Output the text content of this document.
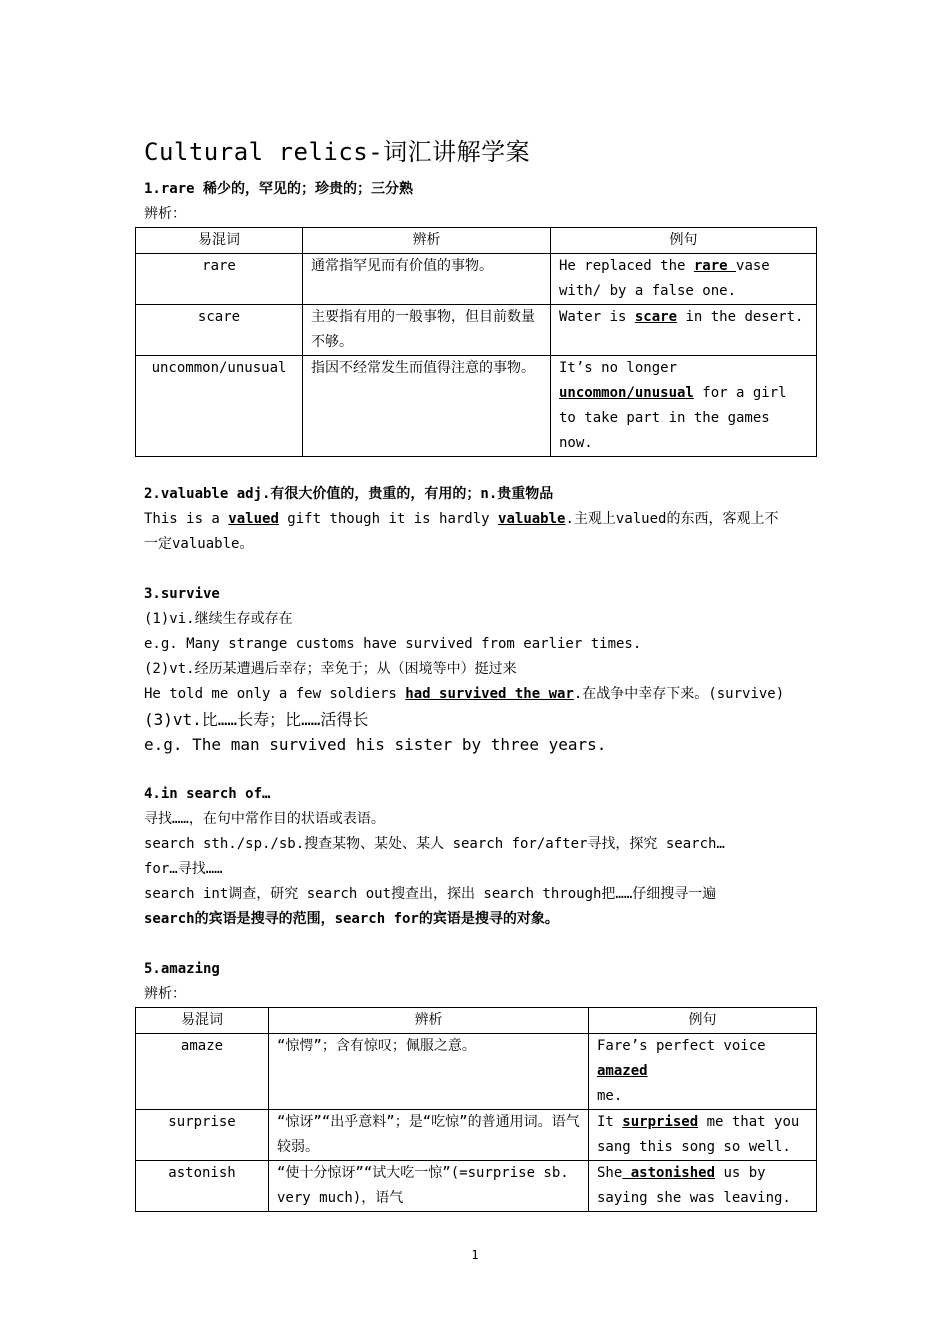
Cultural relics-词汇讲解学案
1.rare 稀少的，罕见的；珍贵的；三分熟
辨析：
易混词	辨析	例句
rare	通常指罕见而有价值的事物。	He replaced the rare vase with/ by a false one.
scare	主要指有用的一般事物，但目前数量不够。	Water is scare in the desert.
uncommon/unusual	指因不经常发生而值得注意的事物。	It’s no longer uncommon/unusual for a girl to take part in the games now.
2.valuable adj.有很大价值的，贵重的，有用的；n.贵重物品
This is a valued gift though it is hardly valuable.主观上valued的东西，客观上不
一定valuable。
3.survive
(1)vi.继续生存或存在
e.g. Many strange customs have survived from earlier times.
(2)vt.经历某遭遇后幸存；幸免于；从（困境等中）挺过来
He told me only a few soldiers had survived the war.在战争中幸存下来。(survive)
(3)vt.比……长寿；比……活得长
e.g. The man survived his sister by three years.
4.in search of…
寻找……，在句中常作目的状语或表语。
search sth./sp./sb.搜查某物、某处、某人 search for/after寻找，探究 search…
for…寻找……
search int调查，研究 search out搜查出，探出 search through把……仔细搜寻一遍
search的宾语是搜寻的范围，search for的宾语是搜寻的对象。
5.amazing
辨析：
易混词	辨析	例句
amaze	“惊愕”；含有惊叹；佩服之意。	Fare’s perfect voice
amazed
me.

surprise	“惊讶”“出乎意料”；是“吃惊”的普通用词。语气较弱。	It surprised me that you sang this song so well.
astonish	“使十分惊讶”“试大吃一惊”(=surprise sb. very much)，语气	She astonished us by saying she was leaving.
1
